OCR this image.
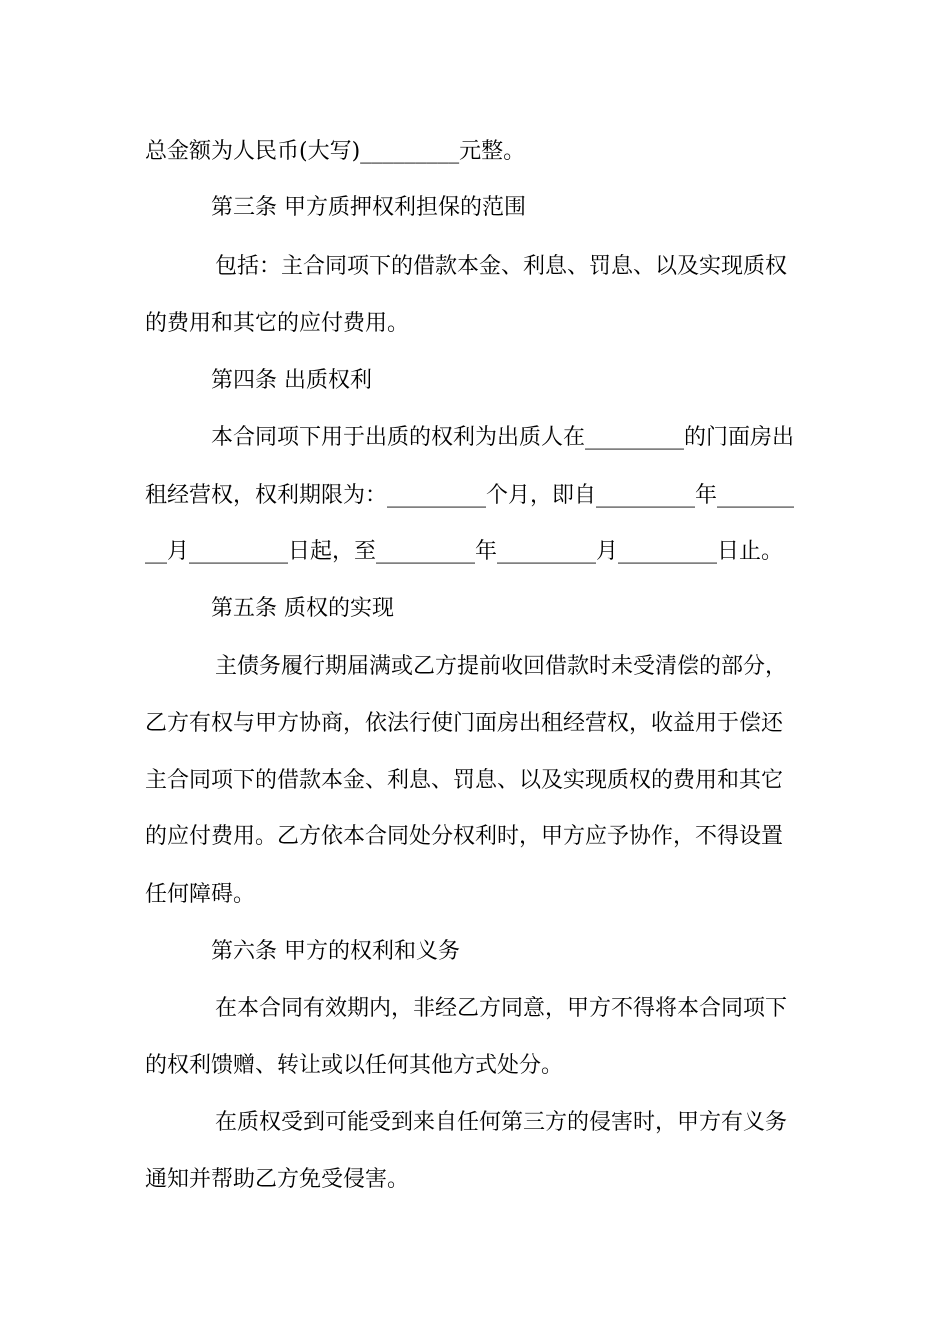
总金额为人民币(大写)_________元整。
第三条 甲方质押权利担保的范围
包括：主合同项下的借款本金、利息、罚息、以及实现质权
的费用和其它的应付费用。
第四条 出质权利
本合同项下用于出质的权利为出质人在_________的门面房出
租经营权，权利期限为：_________个月，即自_________年_______
__月_________日起，至_________年_________月_________日止。
第五条 质权的实现
主债务履行期届满或乙方提前收回借款时未受清偿的部分，
乙方有权与甲方协商，依法行使门面房出租经营权，收益用于偿还
主合同项下的借款本金、利息、罚息、以及实现质权的费用和其它
的应付费用。乙方依本合同处分权利时，甲方应予协作，不得设置
任何障碍。
第六条 甲方的权利和义务
在本合同有效期内，非经乙方同意，甲方不得将本合同项下
的权利馈赠、转让或以任何其他方式处分。
在质权受到可能受到来自任何第三方的侵害时，甲方有义务
通知并帮助乙方免受侵害。
